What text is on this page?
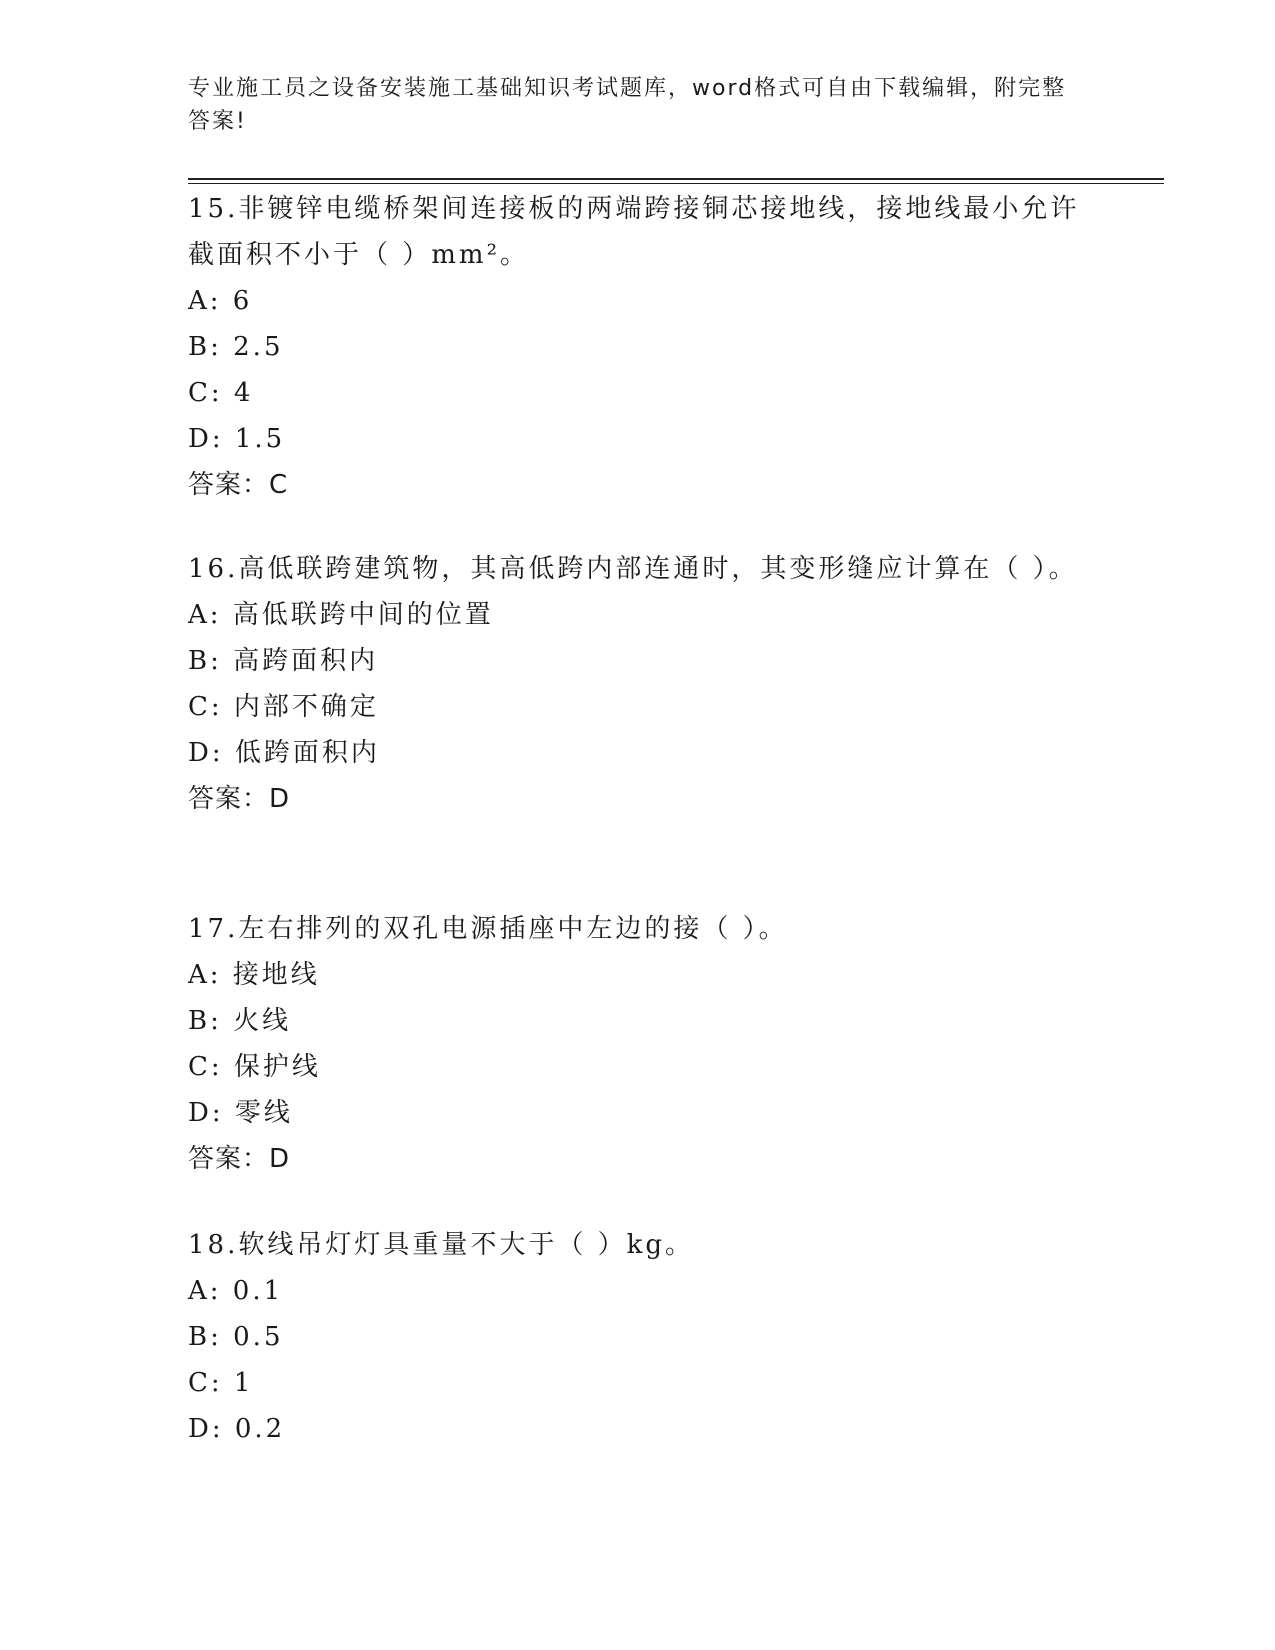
专业施工员之设备安装施工基础知识考试题库，word格式可自由下载编辑，附完整答案!
15.非镀锌电缆桥架间连接板的两端跨接铜芯接地线，接地线最小允许截面积不小于（ ）mm²。
A: 6
B: 2.5
C: 4
D: 1.5
答案：C
16.高低联跨建筑物，其高低跨内部连通时，其变形缝应计算在（ ）。
A: 高低联跨中间的位置
B: 高跨面积内
C: 内部不确定
D: 低跨面积内
答案：D
17.左右排列的双孔电源插座中左边的接（ ）。
A: 接地线
B: 火线
C: 保护线
D: 零线
答案：D
18.软线吊灯灯具重量不大于（ ）kg。
A: 0.1
B: 0.5
C: 1
D: 0.2
